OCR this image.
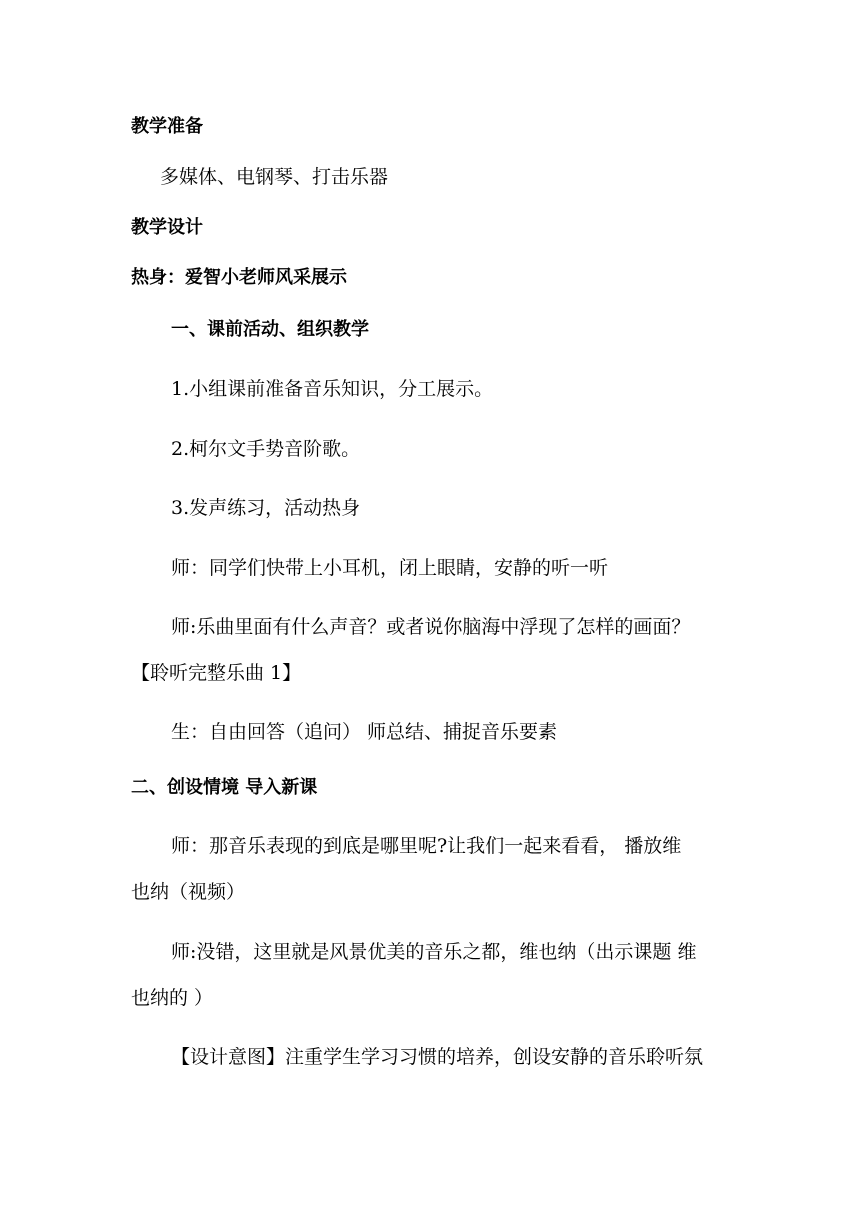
教学准备
多媒体、电钢琴、打击乐器
教学设计
热身：爱智小老师风采展示
一、课前活动、组织教学
1.小组课前准备音乐知识，分工展示。
2.柯尔文手势音阶歌。
3.发声练习，活动热身
师：同学们快带上小耳机，闭上眼睛，安静的听一听
师:乐曲里面有什么声音？或者说你脑海中浮现了怎样的画面？
【聆听完整乐曲 1】
生：自由回答（追问） 师总结、捕捉音乐要素
二、创设情境 导入新课
师：那音乐表现的到底是哪里呢?让我们一起来看看， 播放维
也纳（视频）
师:没错，这里就是风景优美的音乐之都，维也纳（出示课题 维
也纳的 ）
【设计意图】注重学生学习习惯的培养，创设安静的音乐聆听氛
